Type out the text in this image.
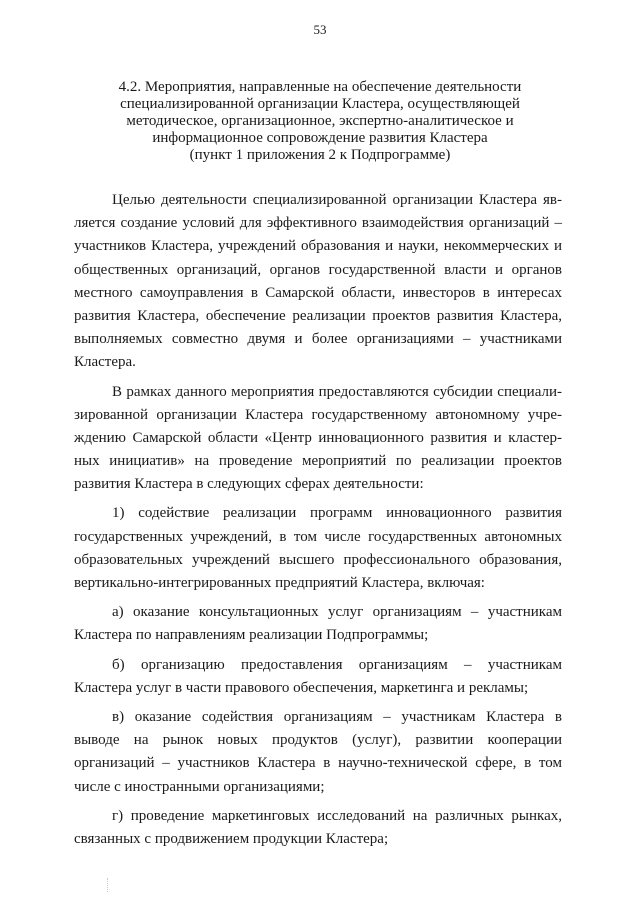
53
4.2. Мероприятия, направленные на обеспечение деятельности
специализированной организации Кластера, осуществляющей
методическое, организационное, экспертно-аналитическое и
информационное сопровождение развития Кластера
(пункт 1 приложения 2 к Подпрограмме)
Целью деятельности специализированной организации Кластера яв-
ляется создание условий для эффективного взаимодействия организаций –
участников Кластера, учреждений образования и науки, некоммерческих и
общественных организаций, органов государственной власти и органов
местного самоуправления в Самарской области, инвесторов в интересах
развития Кластера, обеспечение реализации проектов развития Кластера,
выполняемых совместно двумя и более организациями – участниками
Кластера.
В рамках данного мероприятия предоставляются субсидии специали-
зированной организации Кластера государственному автономному учре-
ждению Самарской области «Центр инновационного развития и кластер-
ных инициатив» на проведение мероприятий по реализации проектов
развития Кластера в следующих сферах деятельности:
1) содействие реализации программ инновационного развития
государственных учреждений, в том числе государственных автономных
образовательных учреждений высшего профессионального образования,
вертикально-интегрированных предприятий Кластера, включая:
а) оказание консультационных услуг организациям – участникам
Кластера по направлениям реализации Подпрограммы;
б) организацию предоставления организациям – участникам
Кластера услуг в части правового обеспечения, маркетинга и рекламы;
в) оказание содействия организациям – участникам Кластера в
выводе на рынок новых продуктов (услуг), развитии кооперации
организаций – участников Кластера в научно-технической сфере, в том
числе с иностранными организациями;
г) проведение маркетинговых исследований на различных рынках,
связанных с продвижением продукции Кластера;
